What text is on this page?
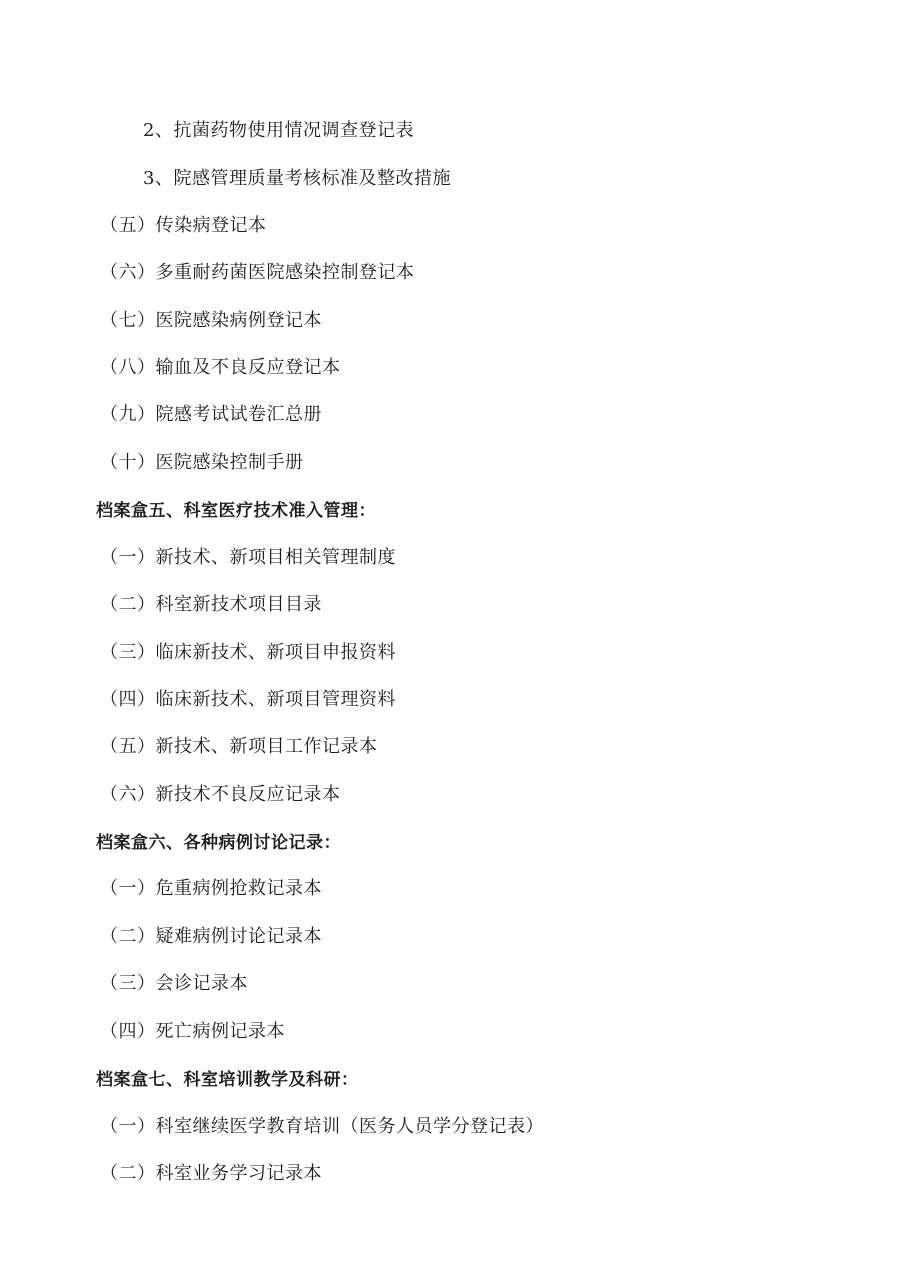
2、抗菌药物使用情况调查登记表
3、院感管理质量考核标准及整改措施
（五）传染病登记本
（六）多重耐药菌医院感染控制登记本
（七）医院感染病例登记本
（八）输血及不良反应登记本
（九）院感考试试卷汇总册
（十）医院感染控制手册
档案盒五、科室医疗技术准入管理：
（一）新技术、新项目相关管理制度
（二）科室新技术项目目录
（三）临床新技术、新项目申报资料
（四）临床新技术、新项目管理资料
（五）新技术、新项目工作记录本
（六）新技术不良反应记录本
档案盒六、各种病例讨论记录：
（一）危重病例抢救记录本
（二）疑难病例讨论记录本
（三）会诊记录本
（四）死亡病例记录本
档案盒七、科室培训教学及科研：
（一）科室继续医学教育培训（医务人员学分登记表）
（二）科室业务学习记录本
